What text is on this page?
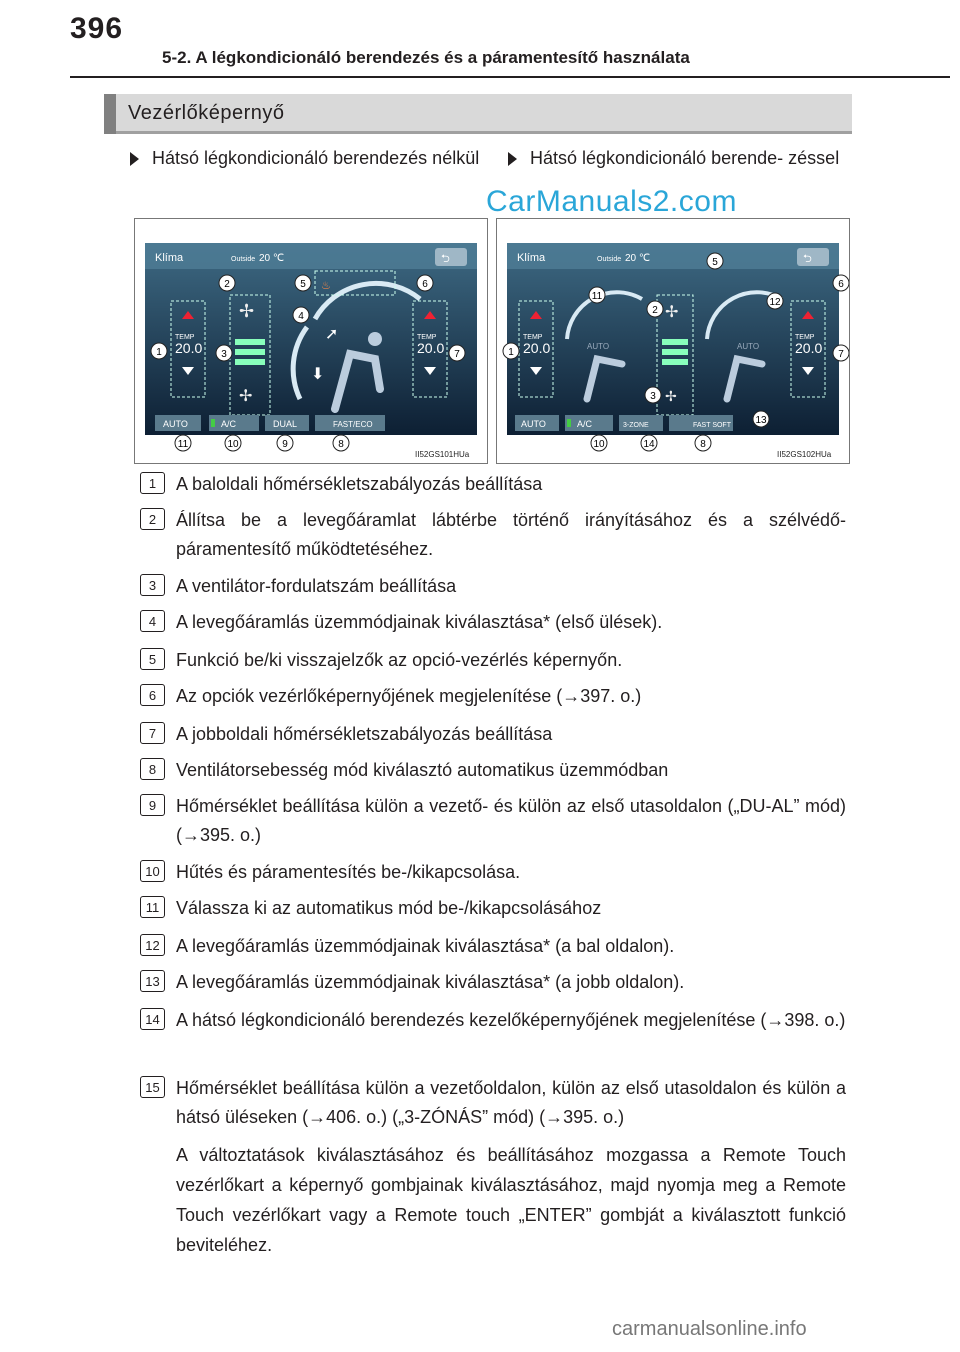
396
5-2. A légkondicionáló berendezés és a páramentesítő használata
Vezérlőképernyő
Hátsó légkondicionáló berendezés nélkül	Hátsó légkondicionáló berende- zéssel
CarManuals2.com
Klíma	Outside 20 ℃	⮌
TEMP
20.0
✢
✢
➚
⬇
♨
TEMP
20.0
AUTO	A/C	DUAL	FAST/ECO
1
2
3
4
5	6
7
8
9
10
11
II52GS101HUa
Klíma	Outside 20 ℃	⮌
TEMP
20.0	AUTO
✢
✢
AUTO
TEMP
20.0
AUTO	A/C	3-ZONE	FAST SOFT
1
2
3
5
6
7
8
10
11
12
13
14
II52GS102HUa
1	A baloldali hőmérsékletszabályozás beállítása
2	Állítsa be a levegőáramlat lábtérbe történő irányításához és a szélvédő-páramentesítő működtetéséhez.
3	A ventilátor-fordulatszám beállítása
4	A levegőáramlás üzemmódjainak kiválasztása* (első ülések).
5	Funkció be/ki visszajelzők az opció-vezérlés képernyőn.
6	Az opciók vezérlőképernyőjének megjelenítése (→397. o.)
7	A jobboldali hőmérsékletszabályozás beállítása
8	Ventilátorsebesség mód kiválasztó automatikus üzemmódban
9	Hőmérséklet beállítása külön a vezető- és külön az első utasoldalon („DU-AL” mód) (→395. o.)
10 Hűtés és páramentesítés be-/kikapcsolása.
11 Válassza ki az automatikus mód be-/kikapcsolásához
12 A levegőáramlás üzemmódjainak kiválasztása* (a bal oldalon).
13 A levegőáramlás üzemmódjainak kiválasztása* (a jobb oldalon).
14 A hátsó légkondicionáló berendezés kezelőképernyőjének megjelenítése (→398. o.)
15 Hőmérséklet beállítása külön a vezetőoldalon, külön az első utasoldalon és külön a hátsó üléseken (→406. o.) („3-ZÓNÁS” mód) (→395. o.)
A változtatások kiválasztásához és beállításához mozgassa a Remote Touch vezérlőkart a képernyő gombjainak kiválasztásához, majd nyomja meg a Remote Touch vezérlőkart vagy a Remote touch „ENTER” gombját a kiválasztott funkció beviteléhez.
carmanualsonline.info
